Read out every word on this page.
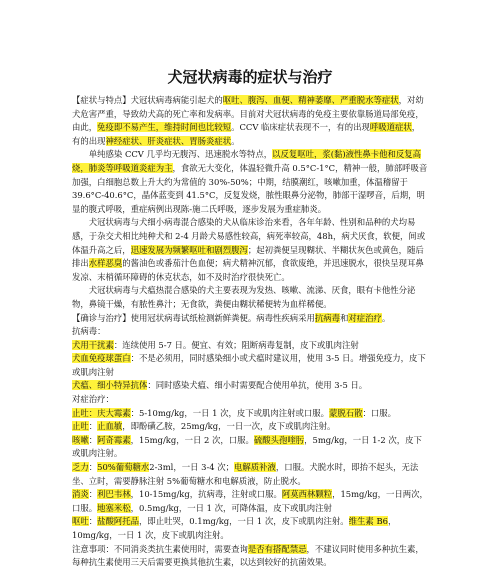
犬冠状病毒的症状与治疗

【症状与特点】犬冠状病毒病能引起犬的呕吐、腹泻、血便、精神萎靡、严重脱水等症状，对幼犬危害严重，导致幼犬高的死亡率和发病率。目前对犬冠状病毒的免疫主要依靠肠道局部免疫，由此，免疫即不易产生，维持时间也比较短。CCV 临床症状表现不一，有的出现呼吸道症状，有的出现神经症状、肝炎症状、胃肠炎症状。

单纯感染 CCV 几乎均无腹泻、迅速脱水等特点，以反复呕吐，浆(黏)液性鼻卡他和反复高烧，肺炎等呼吸道炎症为主，食欲无大变化，体温轻微升高 0.5°C-1°C，精神一般，肺部呼吸音加强，白细胞总数上升大约为常值的 30%-50%；中期，结膜潮红，咳嗽加重，体温稽留于 39.6°C-40.6°C，晶体蓝变到 41.5°C，反复发烧，脓性眼鼻分泌物，肺部干湿啰音，后期，明显的腹式呼吸，重症病例出现陈-施二氏呼吸，逐步发展为重症肺炎。

犬冠状病毒与犬细小病毒混合感染的犬从临床诊治来看，各年年龄、性别和品种的犬均易感，于杂交犬相比纯种犬和 2-4 月龄犬易感性较高，病死率较高，48h，病犬厌食，软便，间或体温升高之后，迅速发展为频繁呕吐和剧烈腹泻；起初粪便呈现糊状、半糊状灰色或黄色，随后排出水样恶臭的酱油色或番茄汁色血便；病犬精神沉郁，食欲废绝，并迅速脱水，很快呈现耳鼻发凉、末梢循环障碍的休克状态，如不及时治疗很快死亡。

犬冠状病毒与犬瘟热混合感染的犬主要表现为发热、咳嗽、流涕、厌食，眼有卡他性分泌物，鼻镜干燥，有脓性鼻汁；无食欲，粪便由糊状稀便转为血样稀便。

【确诊与治疗】使用冠状病毒试纸检测新鲜粪便。病毒性疾病采用抗病毒和对症治疗。

抗病毒：

犬用干扰素：连续使用 5-7 日。便宜、有效；阻断病毒复制，皮下或肌肉注射

犬血免疫球蛋白：不是必须用，同时感染细小或犬瘟时建议用，使用 3-5 日。增强免疫力，皮下或肌肉注射

犬瘟、细小特异抗体：同时感染犬瘟、细小时需要配合使用单抗，使用 3-5 日。

对症治疗：

止吐：庆大霉素：5-10mg/kg，一日 1 次，皮下或肌肉注射或口服。蒙脱石散：口服。

止吐：止血敏，即酚磺乙胺，25mg/kg，一日一次，皮下或肌肉注射。

咳嗽：阿奇霉素，15mg/kg，一日 2 次，口服。硫酸头孢喹肟，5mg/kg，一日 1-2 次，皮下或肌肉注射。

乏力：50%葡萄糖水2-3ml，一日 3-4 次；电解质补液，口服。犬脱水时，即抬不起头，无法坐、立时，需要静脉注射 5%葡萄糖水和电解质液，防止脱水。

消炎：利巴韦林，10-15mg/kg，抗病毒，注射或口服。阿莫西林颗粒，15mg/kg，一日两次，口服。地塞米松，0.5mg/kg，一日 1 次，可降体温，皮下或肌肉注射

呕吐：盐酸阿托品，即止吐哭，0.1mg/kg，一日 1 次，皮下或肌肉注射。维生素 B6，10mg/kg，一日 1 次，皮下或肌肉注射。

注意事项：不同消炎类抗生素使用时，需要查询是否有搭配禁忌，不建议同时使用多种抗生素，每种抗生素使用三天后需要更换其他抗生素，以达到较好的抗菌效果。
